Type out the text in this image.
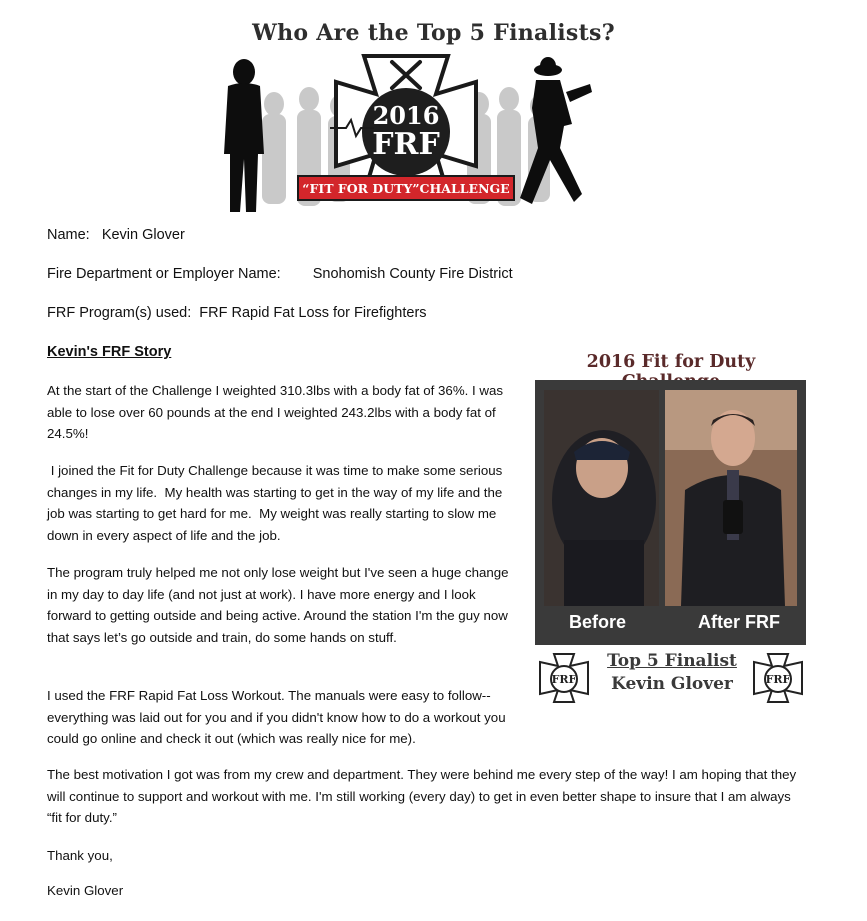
Who Are the Top 5 Finalists?
2016
FRF
“FIT FOR DUTY”CHALLENGE
Name: Kevin Glover
Fire Department or Employer Name: Snohomish County Fire District
FRF Program(s) used: FRF Rapid Fat Loss for Firefighters
Kevin's FRF Story
At the start of the Challenge I weighted 310.3lbs with a body fat of 36%. I was able to lose over 60 pounds at the end I weighted 243.2lbs with a body fat of 24.5%!
I joined the Fit for Duty Challenge because it was time to make some serious changes in my life.  My health was starting to get in the way of my life and the job was starting to get hard for me.  My weight was really starting to slow me down in every aspect of life and the job.
The program truly helped me not only lose weight but I've seen a huge change in my day to day life (and not just at work). I have more energy and I look forward to getting outside and being active. Around the station I'm the guy now that says let’s go outside and train, do some hands on stuff.
I used the FRF Rapid Fat Loss Workout. The manuals were easy to follow--everything was laid out for you and if you didn't know how to do a workout you could go online and check it out (which was really nice for me).
The best motivation I got was from my crew and department. They were behind me every step of the way! I am hoping that they will continue to support and workout with me. I'm still working (every day) to get in even better shape to insure that I am always “fit for duty.”
Thank you,
Kevin Glover
2016 Fit for Duty
Before	After FRF
FRF
Top 5 Finalist
Kevin Glover	FRF
